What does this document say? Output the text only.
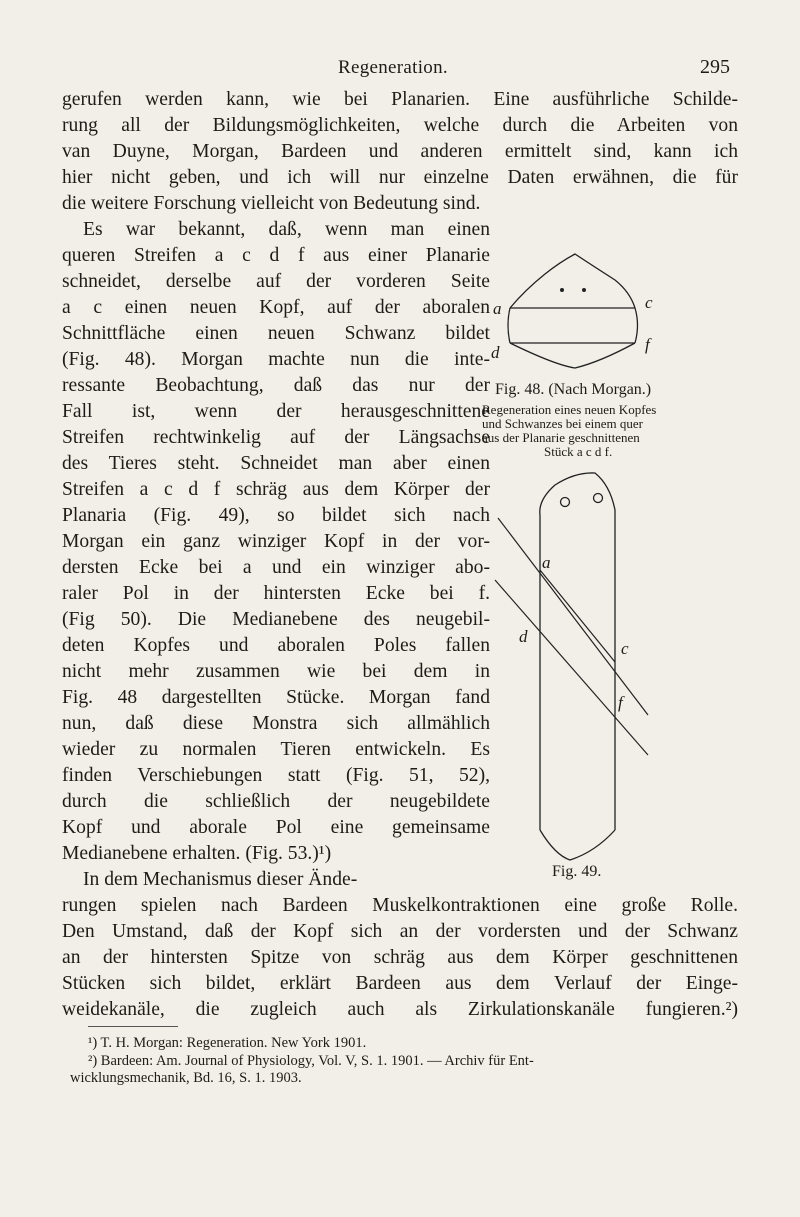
Regeneration.	295
gerufen werden kann, wie bei Planarien. Eine ausführliche Schilde-
rung all der Bildungsmöglichkeiten, welche durch die Arbeiten von
van Duyne, Morgan, Bardeen und anderen ermittelt sind, kann ich
hier nicht geben, und ich will nur einzelne Daten erwähnen, die für
die weitere Forschung vielleicht von Bedeutung sind.
Es war bekannt, daß, wenn man einen
queren Streifen a c d f aus einer Planarie
schneidet, derselbe auf der vorderen Seite
a c einen neuen Kopf, auf der aboralen
Schnittfläche einen neuen Schwanz bildet
(Fig. 48). Morgan machte nun die inte-
ressante Beobachtung, daß das nur der
Fall ist, wenn der herausgeschnittene
Streifen rechtwinkelig auf der Längsachse
des Tieres steht. Schneidet man aber einen
Streifen a c d f schräg aus dem Körper der
Planaria (Fig. 49), so bildet sich nach
Morgan ein ganz winziger Kopf in der vor-
dersten Ecke bei a und ein winziger abo-
raler Pol in der hintersten Ecke bei f.
(Fig 50). Die Medianebene des neugebil-
deten Kopfes und aboralen Poles fallen
nicht mehr zusammen wie bei dem in
Fig. 48 dargestellten Stücke. Morgan fand
nun, daß diese Monstra sich allmählich
wieder zu normalen Tieren entwickeln. Es
finden Verschiebungen statt (Fig. 51, 52),
durch die schließlich der neugebildete
Kopf und aborale Pol eine gemeinsame
Medianebene erhalten. (Fig. 53.)¹)
In dem Mechanismus dieser Ände-
rungen spielen nach Bardeen Muskelkontraktionen eine große Rolle.
Den Umstand, daß der Kopf sich an der vordersten und der Schwanz
an der hintersten Spitze von schräg aus dem Körper geschnittenen
Stücken sich bildet, erklärt Bardeen aus dem Verlauf der Einge-
weidekanäle, die zugleich auch als Zirkulationskanäle fungieren.²)
a	c
d	f
Fig. 48. (Nach Morgan.)
Regeneration eines neuen Kopfes
und Schwanzes bei einem quer
aus der Planarie geschnittenen
Stück a c d f.
a
c
d
f
Fig. 49.
¹) T. H. Morgan: Regeneration. New York 1901.
²) Bardeen: Am. Journal of Physiology, Vol. V, S. 1. 1901. — Archiv für Ent-
wicklungsmechanik, Bd. 16, S. 1. 1903.
